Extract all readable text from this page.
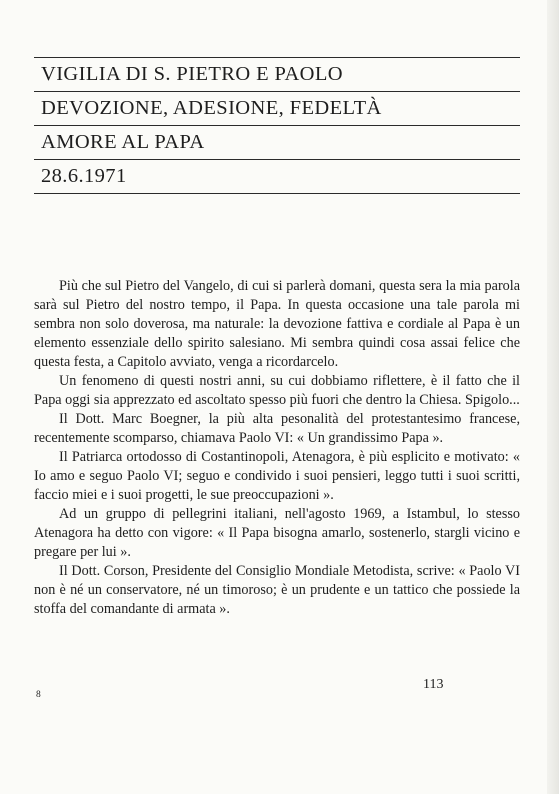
VIGILIA DI S. PIETRO E PAOLO
DEVOZIONE, ADESIONE, FEDELTÀ
AMORE AL PAPA
28.6.1971

Più che sul Pietro del Vangelo, di cui si parlerà domani, questa sera la mia parola sarà sul Pietro del nostro tempo, il Papa. In questa occasione una tale parola mi sembra non solo doverosa, ma naturale: la devozione fattiva e cordiale al Papa è un elemento essenziale dello spirito salesiano. Mi sembra quindi cosa assai felice che questa festa, a Capitolo avviato, venga a ricordarcelo.

Un fenomeno di questi nostri anni, su cui dobbiamo riflettere, è il fatto che il Papa oggi sia apprezzato ed ascoltato spesso più fuori che dentro la Chiesa. Spigolo...

Il Dott. Marc Boegner, la più alta pesonalità del protestantesimo francese, recentemente scomparso, chiamava Paolo VI: « Un grandissimo Papa ».

Il Patriarca ortodosso di Costantinopoli, Atenagora, è più esplicito e motivato: « Io amo e seguo Paolo VI; seguo e condivido i suoi pensieri, leggo tutti i suoi scritti, faccio miei e i suoi progetti, le sue preoccupazioni ».

Ad un gruppo di pellegrini italiani, nell'agosto 1969, a Istambul, lo stesso Atenagora ha detto con vigore: « Il Papa bisogna amarlo, sostenerlo, stargli vicino e pregare per lui ».

Il Dott. Corson, Presidente del Consiglio Mondiale Metodista, scrive: « Paolo VI non è né un conservatore, né un timoroso; è un prudente e un tattico che possiede la stoffa del comandante di armata ».

113
8
